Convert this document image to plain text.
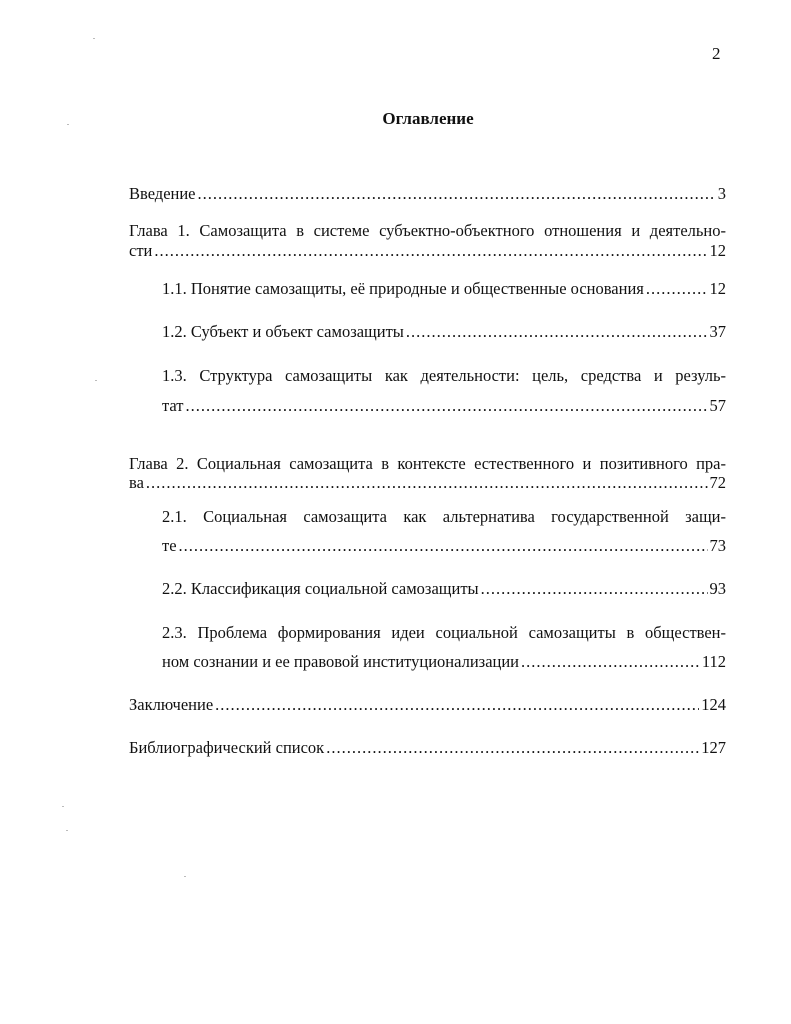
2
Оглавление
Введение .....	3
Глава 1. Самозащита в системе субъектно-объектного отношения и деятельно-
сти .....	12
1.1. Понятие самозащиты, её природные и общественные основания .....	12
1.2. Субъект и объект самозащиты .....	37
1.3. Структура самозащиты как деятельности: цель, средства и резуль-
тат .....	57
Глава 2. Социальная самозащита в контексте естественного и позитивного пра-
ва .....	72
2.1. Социальная самозащита как альтернатива государственной защи-
те .....	73
2.2. Классификация социальной самозащиты .....	93
2.3. Проблема формирования идеи социальной самозащиты в обществен-
ном сознании и ее правовой институционализации .....	112
Заключение .....	124
Библиографический список .....	127
